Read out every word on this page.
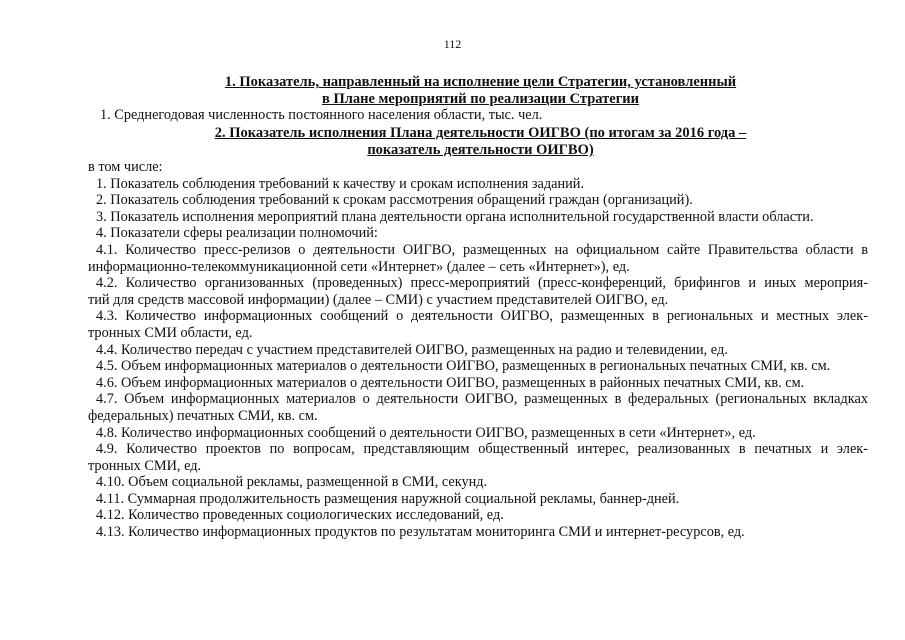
112
1. Показатель, направленный на исполнение цели Стратегии, установленный
в Плане мероприятий по реализации Стратегии
1. Среднегодовая численность постоянного населения области, тыс. чел.
2. Показатель исполнения Плана деятельности ОИГВО (по итогам за 2016 года –
показатель деятельности ОИГВО)
в том числе:
1. Показатель соблюдения требований к качеству и срокам исполнения заданий.
2. Показатель соблюдения требований к срокам рассмотрения обращений граждан (организаций).
3. Показатель исполнения мероприятий плана деятельности органа исполнительной государственной власти области.
4. Показатели сферы реализации полномочий:
4.1. Количество пресс-релизов о деятельности ОИГВО, размещенных на официальном сайте Правительства области в
информационно-телекоммуникационной сети «Интернет» (далее – сеть «Интернет»), ед.
4.2. Количество организованных (проведенных) пресс-мероприятий (пресс-конференций, брифингов и иных мероприя-
тий для средств массовой информации) (далее – СМИ) с участием представителей ОИГВО, ед.
4.3. Количество информационных сообщений о деятельности ОИГВО, размещенных в региональных и местных элек-
тронных СМИ области, ед.
4.4. Количество передач с участием представителей ОИГВО, размещенных на радио и телевидении, ед.
4.5. Объем информационных материалов о деятельности ОИГВО, размещенных в региональных печатных СМИ, кв. см.
4.6. Объем информационных материалов о деятельности ОИГВО, размещенных в районных печатных СМИ, кв. см.
4.7. Объем информационных материалов о деятельности ОИГВО, размещенных в федеральных (региональных вкладках
федеральных) печатных СМИ, кв. см.
4.8. Количество информационных сообщений о деятельности ОИГВО, размещенных в сети «Интернет», ед.
4.9. Количество проектов по вопросам, представляющим общественный интерес, реализованных в печатных и элек-
тронных СМИ, ед.
4.10. Объем социальной рекламы, размещенной в СМИ, секунд.
4.11. Суммарная продолжительность размещения наружной социальной рекламы, баннер-дней.
4.12. Количество проведенных социологических исследований, ед.
4.13. Количество информационных продуктов по результатам мониторинга СМИ и интернет-ресурсов, ед.
